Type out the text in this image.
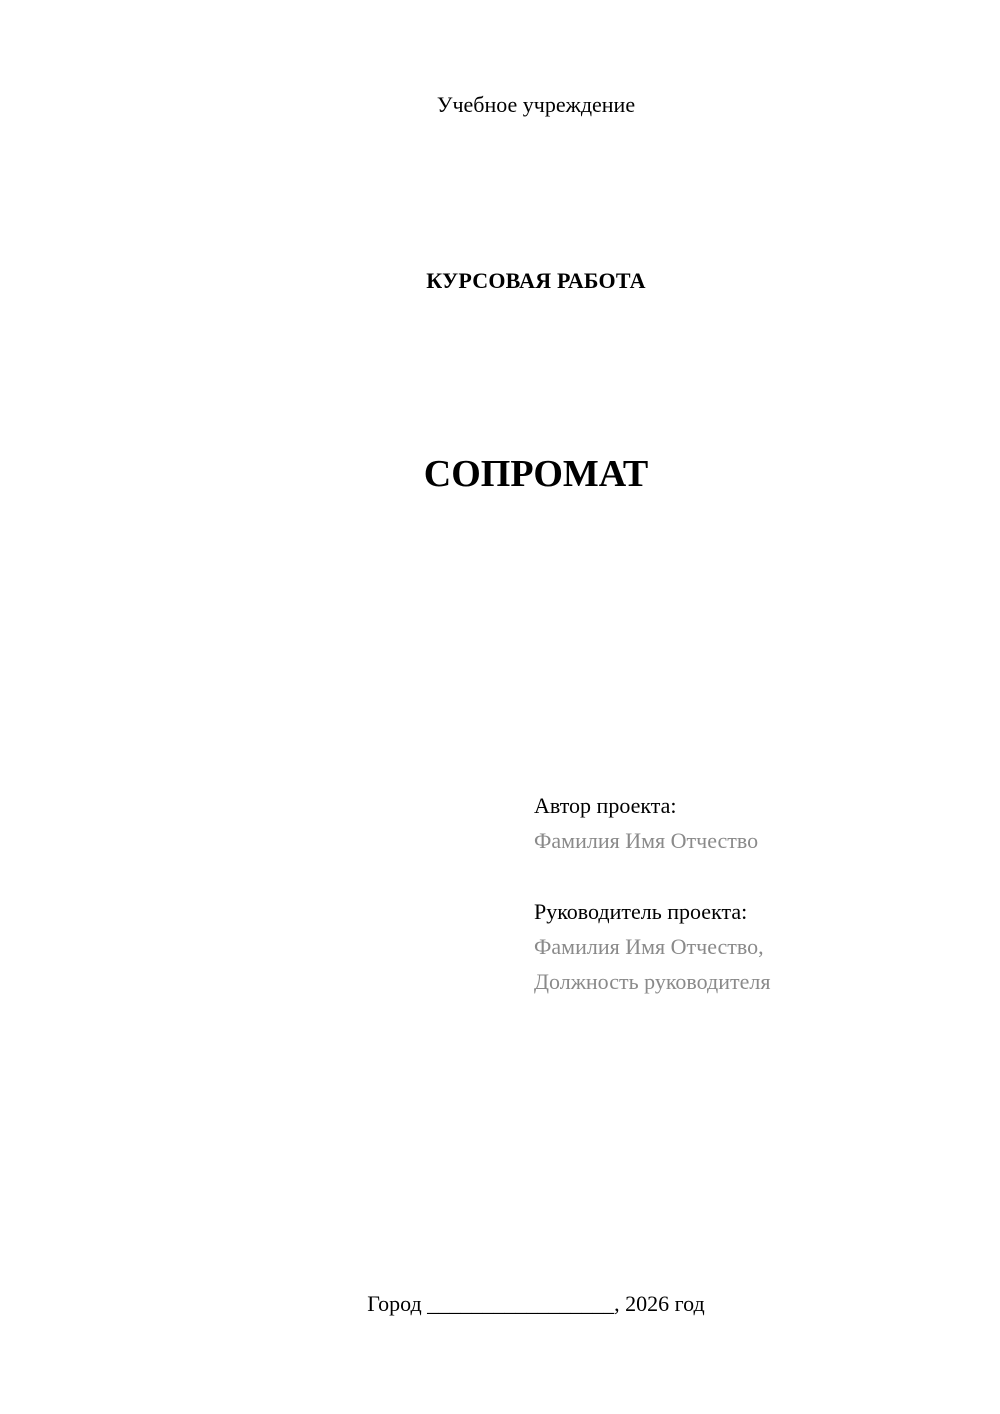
Учебное учреждение
КУРСОВАЯ РАБОТА
СОПРОМАТ
Автор проекта:
Фамилия Имя Отчество
Руководитель проекта:
Фамилия Имя Отчество,
Должность руководителя
Город _________________, 2026 год
